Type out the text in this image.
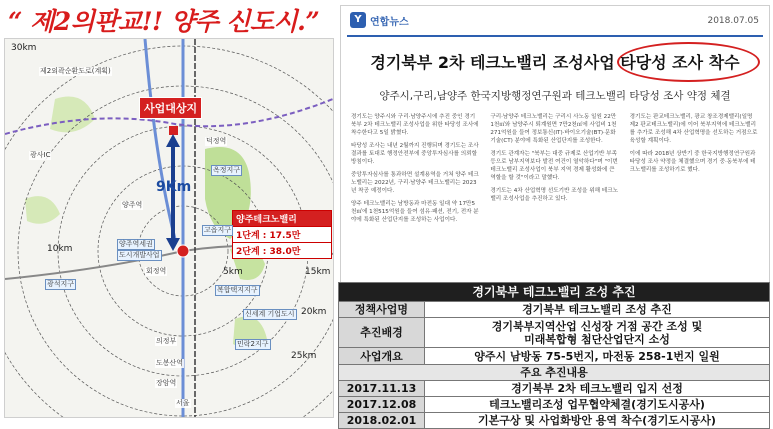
“ 제2의판교!! 양주 신도시.”
사업대상지
9Km
양주테크노밸리
1단계 : 17.5만
2단계 : 38.0만
30km
5km
10km
15km
20km
25km
제2외곽순환도로(계획)
광사IC
양주역
양주역세권
도시개발사업
회정역
덕정역
고읍지구
옥정지구
복합택지지구
광석지구
의정부
장암역
서울
신세계 기업도시
민락2지구
도봉산역
Y 연합뉴스	2018.07.05
경기북부 2차 테크노밸리 조성사업 타당성 조사 착수
양주시,구리,남양주 한국지방행정연구원과 테크노밸리 타당성 조사 약정 체결

경기도는 양주시와 구리·남양주시에 추진 중인 경기북부 2차 테크노밸리 조성사업을 위한 타당성 조사에 착수한다고 5일 밝혔다.

타당성 조사는 내년 2월까지 진행되며 경기도는 조사 결과를 토대로 행정안전부에 중앙투자심사를 의뢰할 방침이다.

중앙투자심사를 통과하면 설계용역을 거쳐 양주 테크노밸리는 2022년, 구리·남양주 테크노밸리는 2023년 착공 예정이다.

양주 테크노밸리는 남방동과 마전동 일대 약 17만5천㎡에 1천515억원을 들여 섬유·패션, 전기, 전자 분야에 특화된 산업단지를 조성하는 사업이다.

구리·남양주 테크노밸리는 구리시 사노동 일원 22만1천㎡와 남양주시 퇴계원면 7만2천㎡에 사업비 1천271억원을 들여 정보통신(IT)·바이오기술(BT)·문화기술(CT) 분야에 특화된 산업단지를 조성한다.

경기도 관계자는 "북부는 대중 규제로 산업기반 부족 등으로 남부지역보다 발전 여건이 열악하다"며 "이번 테크노밸리 조성사업이 북부 지역 경제 활성화에 큰 역할을 할 것"이라고 말했다.

경기도는 4차 산업혁명 선도기반 조성을 위해 테크노밸리 조성사업을 추진하고 있다.

경기도는 판교테크노밸리, 광교 창조경제밸리(일명 제2 판교테크노밸리)에 이어 북부지역에 테크노밸리를 추가로 조성해 4차 산업혁명을 선도하는 거점으로 육성할 계획이다.

이에 따라 2018년 상반기 중 한국지방행정연구원과 타당성 조사 약정을 체결했으며 경기 중·동북부에 테크노밸리를 조성하기로 했다.

경기북부 테크노밸리 조성 추진	
정책사업명	경기북부 테크노밸리 조성 추진
추진배경	경기북부지역산업 신성장 거점 공간 조성 및
미래복합형 첨단산업단지 소성

사업개요	양주시 남방동 75-5번지, 마전동 258-1번지 일원
주요 추진내용	
2017.11.13	경기북부 2차 테크노밸리 입지 선정
2017.12.08	테크노밸리조성 업무협약체결(경기도시공사)
2018.02.01	기본구상 및 사업화방안 용역 착수(경기도시공사)
